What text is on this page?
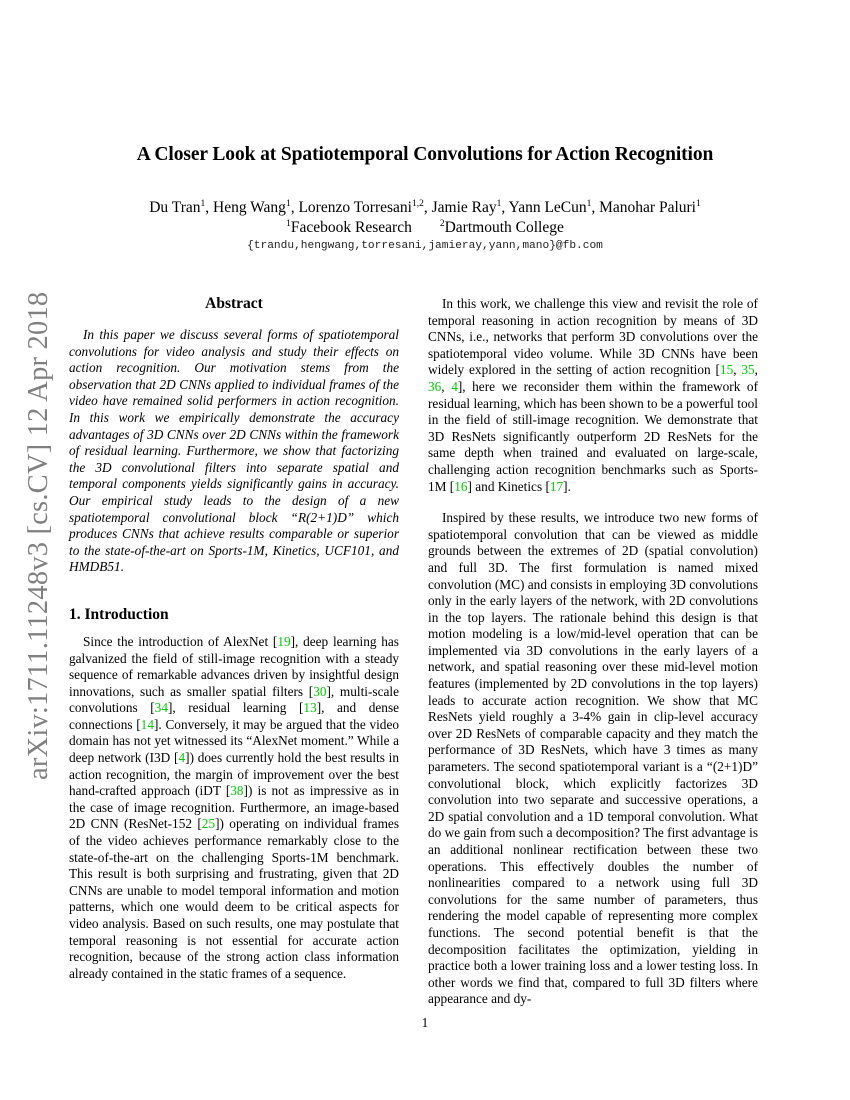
arXiv:1711.11248v3 [cs.CV] 12 Apr 2018
A Closer Look at Spatiotemporal Convolutions for Action Recognition
Du Tran$^1$, Heng Wang$^1$, Lorenzo Torresani$^{1,2}$, Jamie Ray$^1$, Yann LeCun$^1$, Manohar Paluri$^1$
$^1$Facebook Research	$^2$Dartmouth College
{trandu,hengwang,torresani,jamieray,yann,mano}@fb.com
Abstract

In this paper we discuss several forms of spatiotemporal convolutions for video analysis and study their effects on action recognition. Our motivation stems from the observation that 2D CNNs applied to individual frames of the video have remained solid performers in action recognition. In this work we empirically demonstrate the accuracy advantages of 3D CNNs over 2D CNNs within the framework of residual learning. Furthermore, we show that factorizing the 3D convolutional filters into separate spatial and temporal components yields significantly gains in accuracy. Our empirical study leads to the design of a new spatiotemporal convolutional block “R(2+1)D” which produces CNNs that achieve results comparable or superior to the state-of-the-art on Sports-1M, Kinetics, UCF101, and HMDB51.

1. Introduction

Since the introduction of AlexNet [19], deep learning has galvanized the field of still-image recognition with a steady sequence of remarkable advances driven by insightful design innovations, such as smaller spatial filters [30], multi-scale convolutions [34], residual learning [13], and dense connections [14]. Conversely, it may be argued that the video domain has not yet witnessed its “AlexNet moment.” While a deep network (I3D [4]) does currently hold the best results in action recognition, the margin of improvement over the best hand-crafted approach (iDT [38]) is not as impressive as in the case of image recognition. Furthermore, an image-based 2D CNN (ResNet-152 [25]) operating on individual frames of the video achieves performance remarkably close to the state-of-the-art on the challenging Sports-1M benchmark. This result is both surprising and frustrating, given that 2D CNNs are unable to model temporal information and motion patterns, which one would deem to be critical aspects for video analysis. Based on such results, one may postulate that temporal reasoning is not essential for accurate action recognition, because of the strong action class information already contained in the static frames of a sequence.

In this work, we challenge this view and revisit the role of temporal reasoning in action recognition by means of 3D CNNs, i.e., networks that perform 3D convolutions over the spatiotemporal video volume. While 3D CNNs have been widely explored in the setting of action recognition [15, 35, 36, 4], here we reconsider them within the framework of residual learning, which has been shown to be a powerful tool in the field of still-image recognition. We demonstrate that 3D ResNets significantly outperform 2D ResNets for the same depth when trained and evaluated on large-scale, challenging action recognition benchmarks such as Sports-1M [16] and Kinetics [17].

Inspired by these results, we introduce two new forms of spatiotemporal convolution that can be viewed as middle grounds between the extremes of 2D (spatial convolution) and full 3D. The first formulation is named mixed convolution (MC) and consists in employing 3D convolutions only in the early layers of the network, with 2D convolutions in the top layers. The rationale behind this design is that motion modeling is a low/mid-level operation that can be implemented via 3D convolutions in the early layers of a network, and spatial reasoning over these mid-level motion features (implemented by 2D convolutions in the top layers) leads to accurate action recognition. We show that MC ResNets yield roughly a 3-4% gain in clip-level accuracy over 2D ResNets of comparable capacity and they match the performance of 3D ResNets, which have 3 times as many parameters. The second spatiotemporal variant is a “(2+1)D” convolutional block, which explicitly factorizes 3D convolution into two separate and successive operations, a 2D spatial convolution and a 1D temporal convolution. What do we gain from such a decomposition? The first advantage is an additional nonlinear rectification between these two operations. This effectively doubles the number of nonlinearities compared to a network using full 3D convolutions for the same number of parameters, thus rendering the model capable of representing more complex functions. The second potential benefit is that the decomposition facilitates the optimization, yielding in practice both a lower training loss and a lower testing loss. In other words we find that, compared to full 3D filters where appearance and dy-

1
